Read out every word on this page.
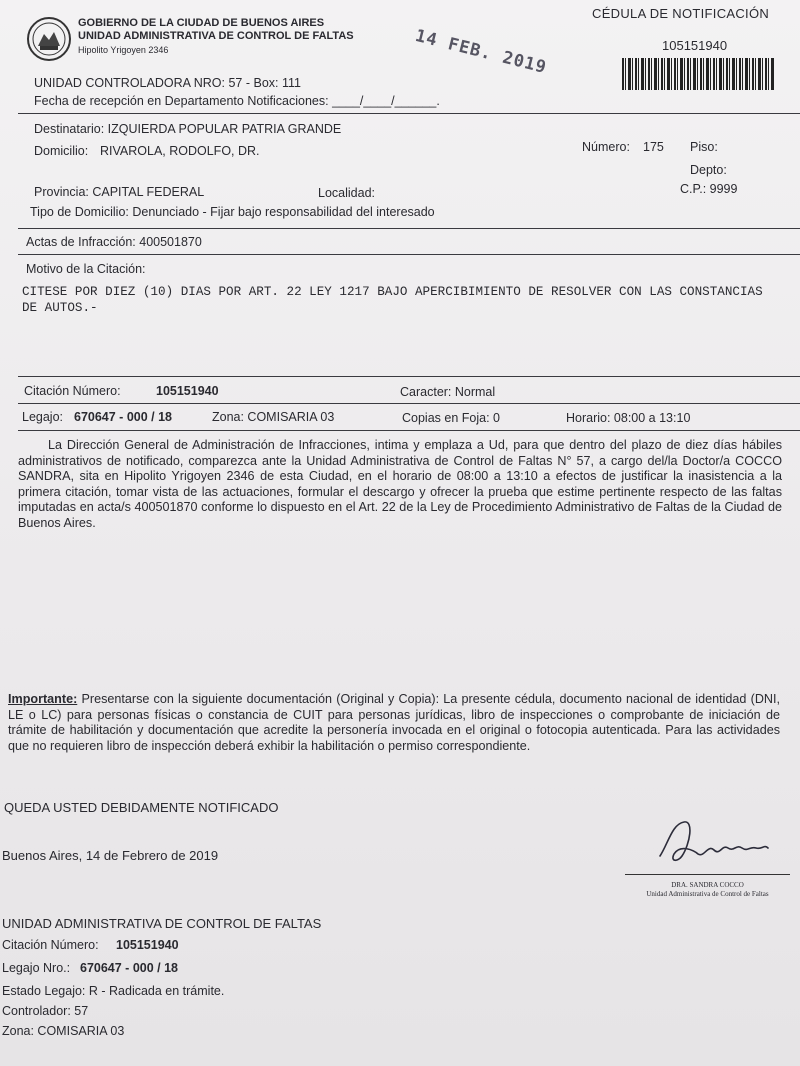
GOBIERNO DE LA CIUDAD DE BUENOS AIRES
UNIDAD ADMINISTRATIVA DE CONTROL DE FALTAS
Hipolito Yrigoyen 2346	14 FEB. 2019
CÉDULA DE NOTIFICACIÓN
105151940
UNIDAD CONTROLADORA NRO: 57 - Box: 111
Fecha de recepción en Departamento Notificaciones: ____/____/______.
Destinatario: IZQUIERDA POPULAR PATRIA GRANDE
Domicilio: RIVAROLA, RODOLFO, DR.	Número: 175 Piso:
Depto:
Provincia: CAPITAL FEDERAL	Localidad:	C.P.: 9999
Tipo de Domicilio: Denunciado - Fijar bajo responsabilidad del interesado
Actas de Infracción: 400501870
Motivo de la Citación:
CITESE POR DIEZ (10) DIAS POR ART. 22 LEY 1217 BAJO APERCIBIMIENTO DE RESOLVER CON LAS CONSTANCIAS DE AUTOS.-
Citación Número:	105151940	Caracter: Normal
Legajo: 670647 - 000 / 18	Zona: COMISARIA 03	Copias en Foja: 0	Horario: 08:00 a 13:10
La Dirección General de Administración de Infracciones, intima y emplaza a Ud, para que dentro del plazo de diez días hábiles administrativos de notificado, comparezca ante la Unidad Administrativa de Control de Faltas N° 57, a cargo del/la Doctor/a COCCO SANDRA, sita en Hipolito Yrigoyen 2346 de esta Ciudad, en el horario de 08:00 a 13:10 a efectos de justificar la inasistencia a la primera citación, tomar vista de las actuaciones, formular el descargo y ofrecer la prueba que estime pertinente respecto de las faltas imputadas en acta/s 400501870 conforme lo dispuesto en el Art. 22 de la Ley de Procedimiento Administrativo de Faltas de la Ciudad de Buenos Aires.
Importante: Presentarse con la siguiente documentación (Original y Copia): La presente cédula, documento nacional de identidad (DNI, LE o LC) para personas físicas o constancia de CUIT para personas jurídicas, libro de inspecciones o comprobante de iniciación de trámite de habilitación y documentación que acredite la personería invocada en el original o fotocopia autenticada. Para las actividades que no requieren libro de inspección deberá exhibir la habilitación o permiso correspondiente.
QUEDA USTED DEBIDAMENTE NOTIFICADO
Buenos Aires, 14 de Febrero de 2019
DRA. SANDRA COCCO
Unidad Administrativa de Control de Faltas
UNIDAD ADMINISTRATIVA DE CONTROL DE FALTAS
Citación Número: 105151940
Legajo Nro.: 670647 - 000 / 18
Estado Legajo: R - Radicada en trámite.
Controlador: 57
Zona: COMISARIA 03
